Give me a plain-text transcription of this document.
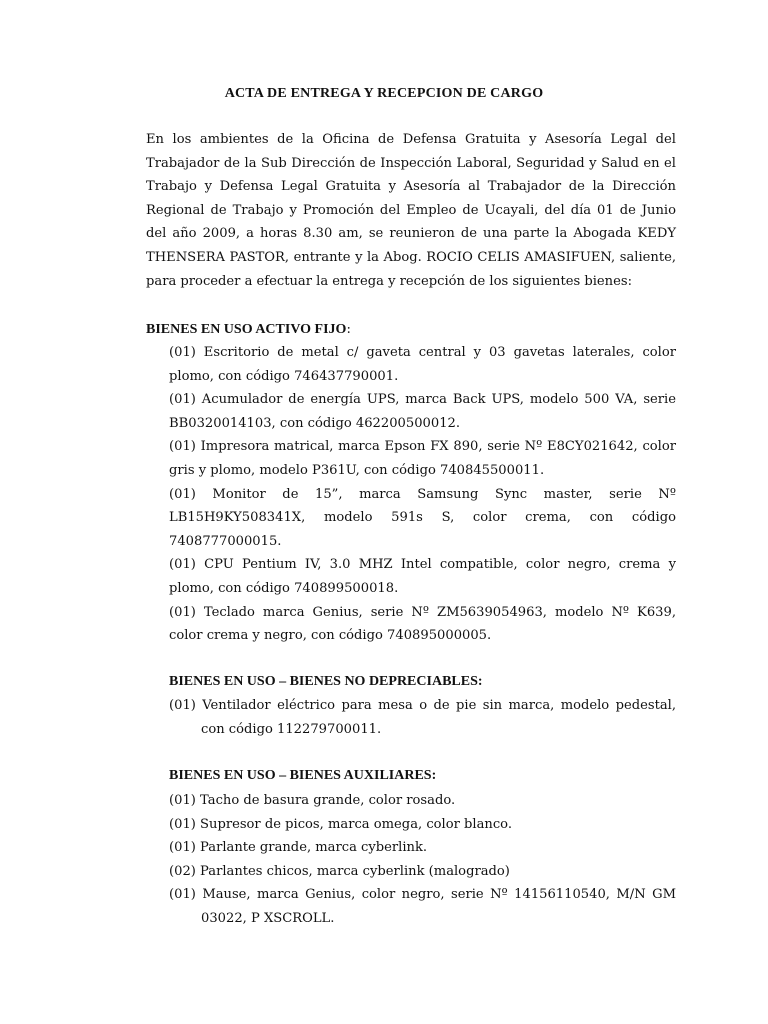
ACTA DE ENTREGA Y RECEPCION DE CARGO
En los ambientes de la Oficina de Defensa Gratuita y Asesoría Legal del Trabajador de la Sub Dirección de Inspección Laboral, Seguridad y Salud en el Trabajo y Defensa Legal Gratuita y Asesoría al Trabajador de la Dirección Regional de Trabajo y Promoción del Empleo de Ucayali, del día 01 de Junio del año 2009, a horas 8.30 am, se reunieron de una parte la Abogada KEDY THENSERA PASTOR, entrante y la Abog. ROCIO CELIS AMASIFUEN, saliente, para proceder a efectuar la entrega y recepción de los siguientes bienes:
BIENES EN USO ACTIVO FIJO:

(01) Escritorio de metal c/ gaveta central y 03 gavetas laterales, color plomo, con código 746437790001.

(01) Acumulador de energía UPS, marca Back UPS, modelo 500 VA, serie BB0320014103, con código 462200500012.

(01) Impresora matrical, marca Epson FX 890, serie Nº E8CY021642, color gris y plomo, modelo P361U, con código 740845500011.

(01) Monitor de 15”, marca Samsung Sync master, serie Nº LB15H9KY508341X, modelo 591s S, color crema, con código 7408777000015.

(01) CPU Pentium IV, 3.0 MHZ Intel compatible, color negro, crema y plomo, con código 740899500018.

(01) Teclado marca Genius, serie Nº ZM5639054963, modelo Nº K639, color crema y negro, con código 740895000005.

BIENES EN USO – BIENES NO DEPRECIABLES:

(01) Ventilador eléctrico para mesa o de pie sin marca, modelo pedestal, con código 112279700011.

BIENES EN USO – BIENES AUXILIARES:

(01) Tacho de basura grande, color rosado.

(01) Supresor de picos, marca omega, color blanco.

(01) Parlante grande, marca cyberlink.

(02) Parlantes chicos, marca cyberlink (malogrado)

(01) Mause, marca Genius, color negro, serie Nº 14156110540, M/N GM 03022, P XSCROLL.
